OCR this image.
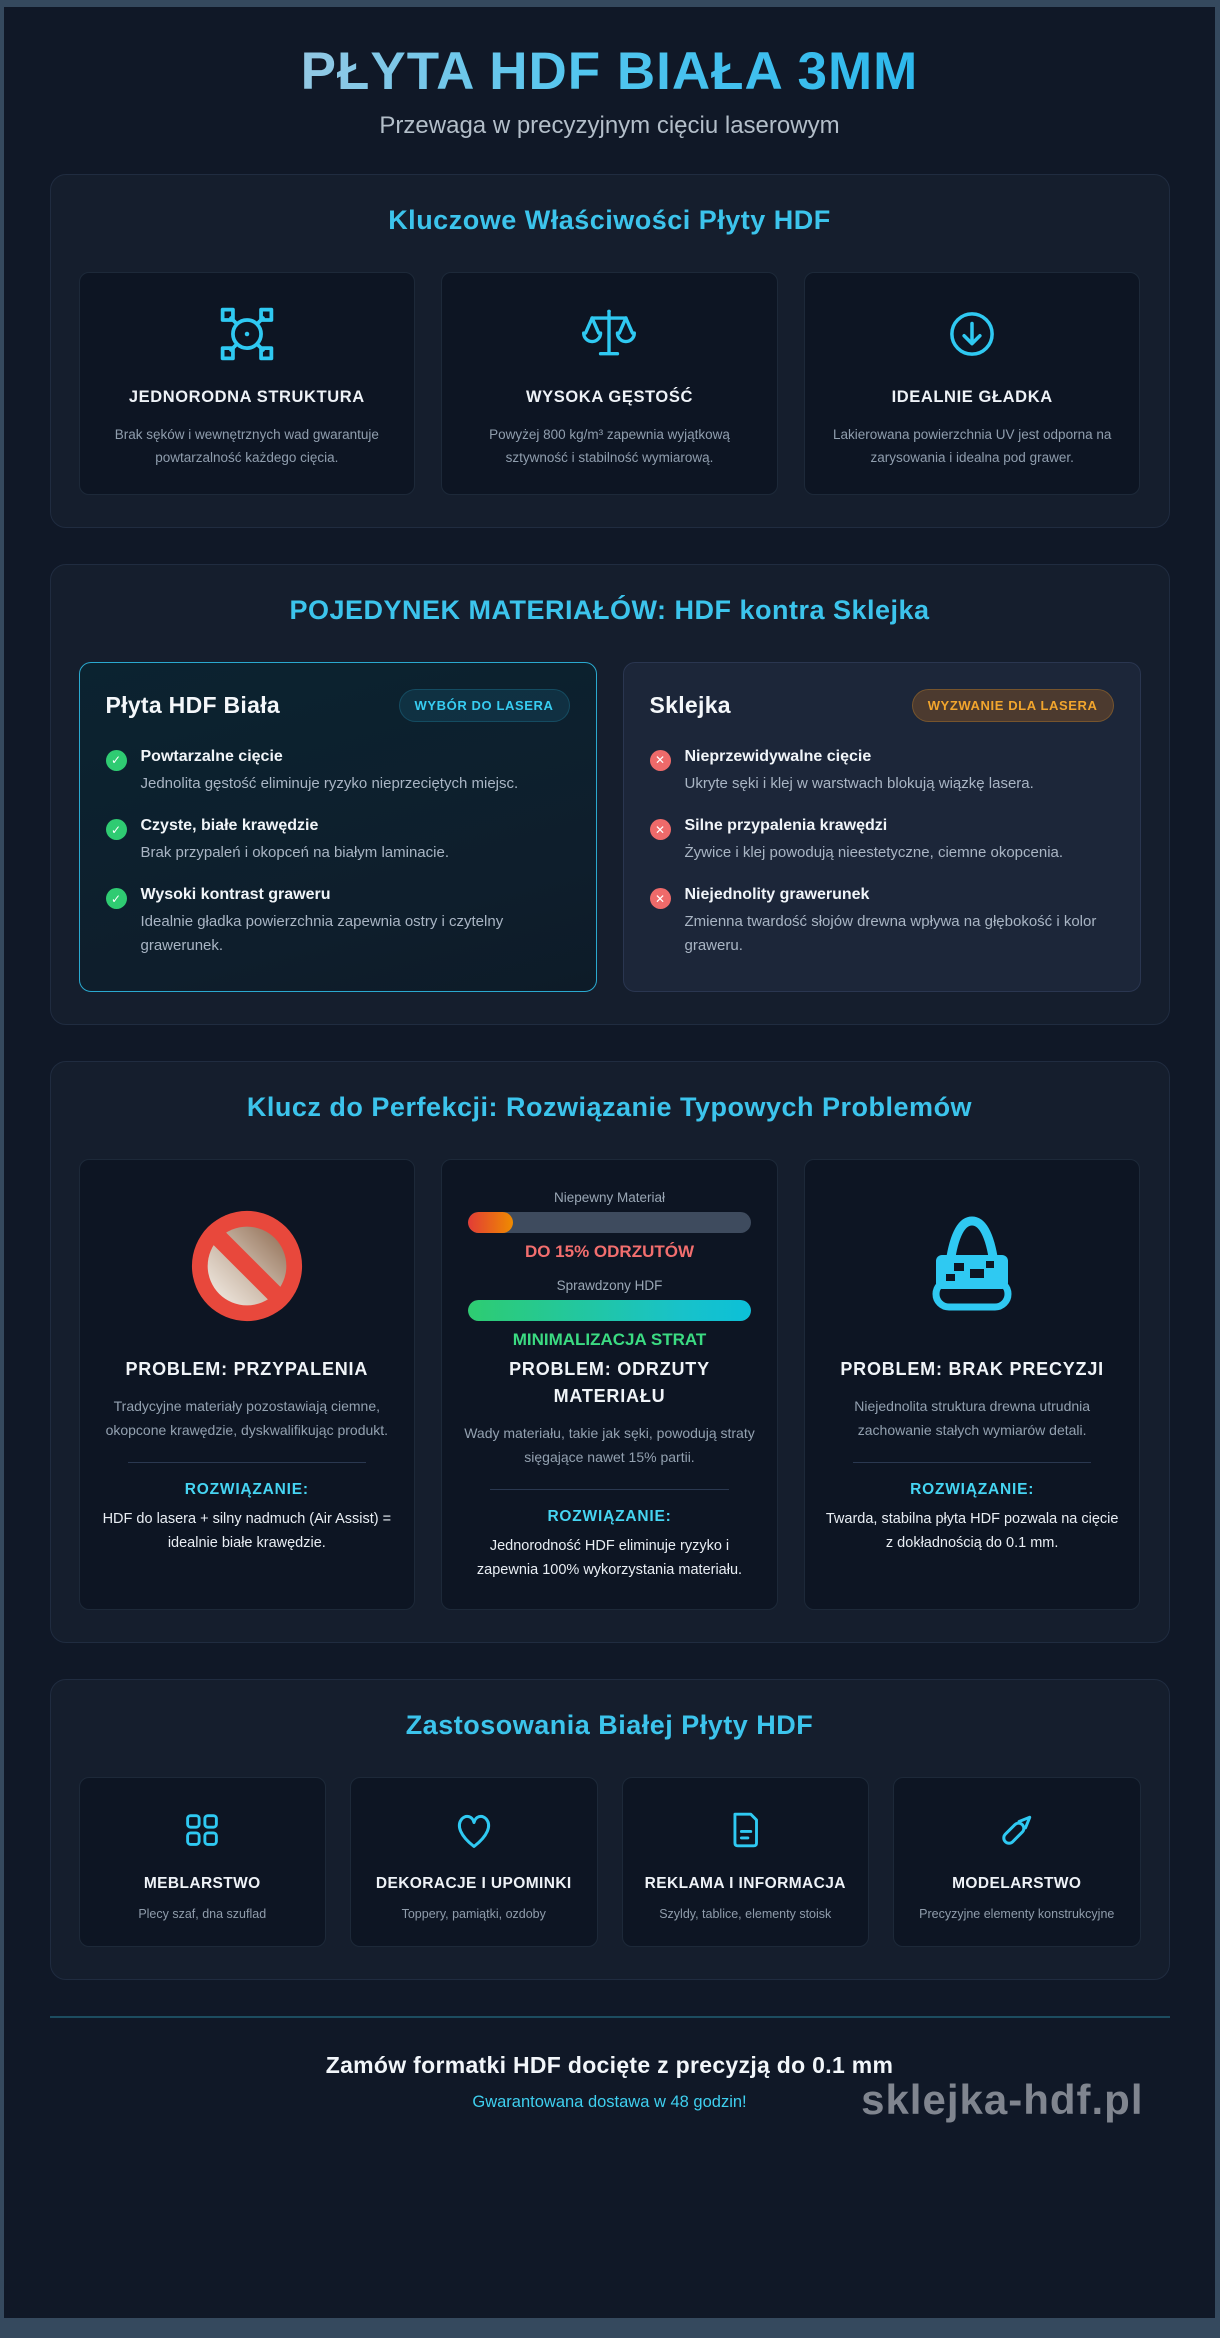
PŁYTA HDF BIAŁA 3MM
Przewaga w precyzyjnym cięciu laserowym
Kluczowe Właściwości Płyty HDF
JEDNORODNA STRUKTURA

Brak sęków i wewnętrznych wad gwarantuje powtarzalność każdego cięcia.

WYSOKA GĘSTOŚĆ

Powyżej 800 kg/m³ zapewnia wyjątkową sztywność i stabilność wymiarową.

IDEALNIE GŁADKA

Lakierowana powierzchnia UV jest odporna na zarysowania i idealna pod grawer.

POJEDYNEK MATERIAŁÓW: HDF kontra Sklejka
Płyta HDF Biała	WYBÓR DO LASERA
✓	Powtarzalne cięcie

Jednolita gęstość eliminuje ryzyko nieprzeciętych miejsc.

✓	Czyste, białe krawędzie

Brak przypaleń i okopceń na białym laminacie.

✓	Wysoki kontrast graweru

Idealnie gładka powierzchnia zapewnia ostry i czytelny grawerunek.

Sklejka	WYZWANIE DLA LASERA
✕	Nieprzewidywalne cięcie

Ukryte sęki i klej w warstwach blokują wiązkę lasera.

✕	Silne przypalenia krawędzi

Żywice i klej powodują nieestetyczne, ciemne okopcenia.

✕	Niejednolity grawerunek

Zmienna twardość słojów drewna wpływa na głębokość i kolor graweru.

Klucz do Perfekcji: Rozwiązanie Typowych Problemów
PROBLEM: PRZYPALENIA

Tradycyjne materiały pozostawiają ciemne, okopcone krawędzie, dyskwalifikując produkt.

ROZWIĄZANIE:

HDF do lasera + silny nadmuch (Air Assist) = idealnie białe krawędzie.

Niepewny Materiał
DO 15% ODRZUTÓW
Sprawdzony HDF
MINIMALIZACJA STRAT
PROBLEM: ODRZUTY MATERIAŁU

Wady materiału, takie jak sęki, powodują straty sięgające nawet 15% partii.

ROZWIĄZANIE:

Jednorodność HDF eliminuje ryzyko i zapewnia 100% wykorzystania materiału.

PROBLEM: BRAK PRECYZJI

Niejednolita struktura drewna utrudnia zachowanie stałych wymiarów detali.

ROZWIĄZANIE:

Twarda, stabilna płyta HDF pozwala na cięcie z dokładnością do 0.1 mm.

Zastosowania Białej Płyty HDF
MEBLARSTWO

Plecy szaf, dna szuflad

DEKORACJE I UPOMINKI

Toppery, pamiątki, ozdoby

REKLAMA I INFORMACJA

Szyldy, tablice, elementy stoisk

MODELARSTWO

Precyzyjne elementy konstrukcyjne

Zamów formatki HDF docięte z precyzją do 0.1 mm
Gwarantowana dostawa w 48 godzin!	sklejka-hdf.pl
